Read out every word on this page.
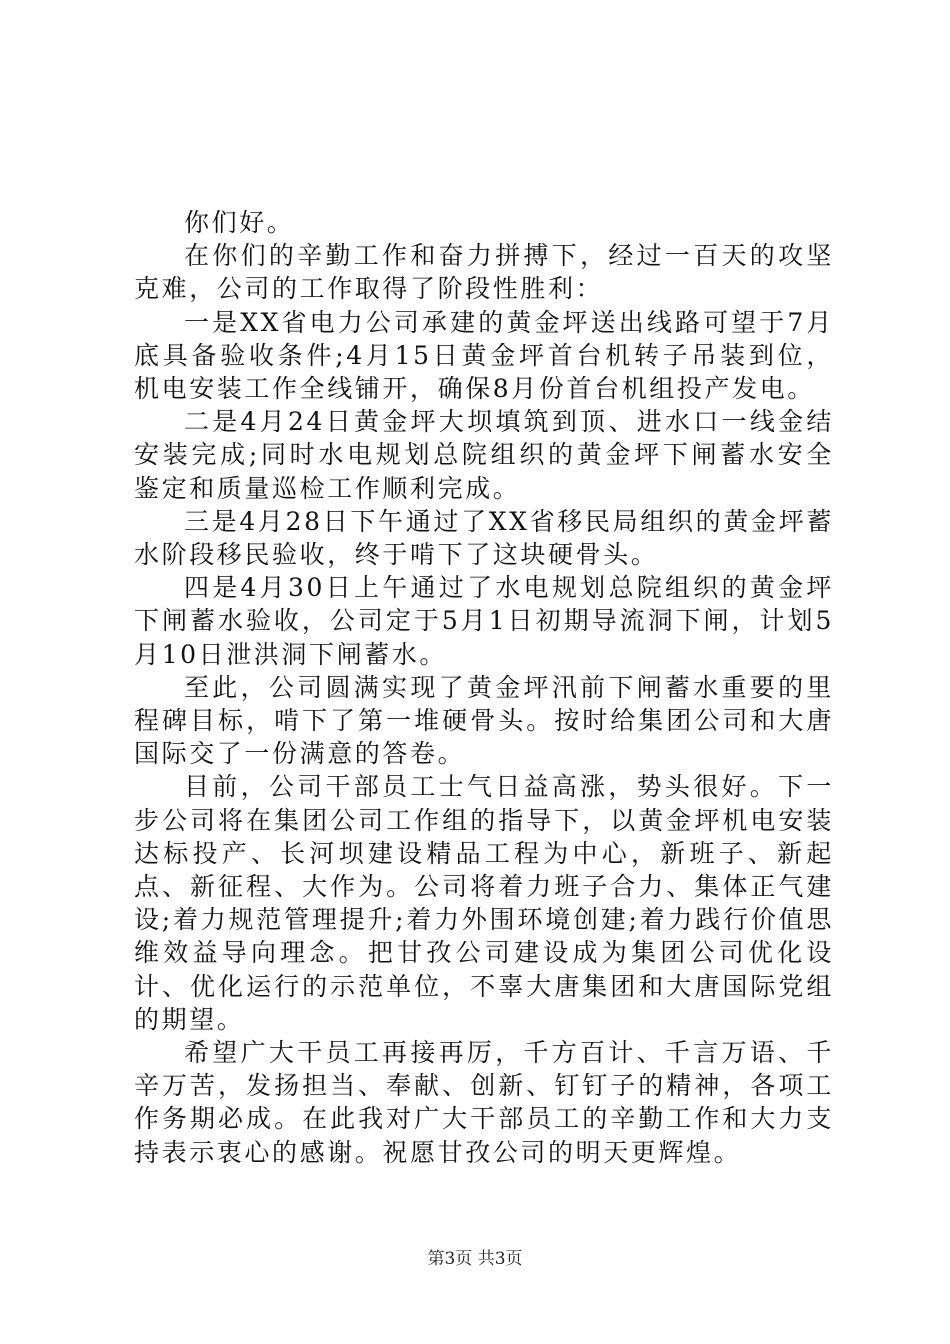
你们好。

在你们的辛勤工作和奋力拼搏下，经过一百天的攻坚克难，公司的工作取得了阶段性胜利：

一是XX省电力公司承建的黄金坪送出线路可望于7月底具备验收条件;4月15日黄金坪首台机转子吊装到位，机电安装工作全线铺开，确保8月份首台机组投产发电。

二是4月24日黄金坪大坝填筑到顶、进水口一线金结安装完成;同时水电规划总院组织的黄金坪下闸蓄水安全鉴定和质量巡检工作顺利完成。

三是4月28日下午通过了XX省移民局组织的黄金坪蓄水阶段移民验收，终于啃下了这块硬骨头。

四是4月30日上午通过了水电规划总院组织的黄金坪下闸蓄水验收，公司定于5月1日初期导流洞下闸，计划5月10日泄洪洞下闸蓄水。

至此，公司圆满实现了黄金坪汛前下闸蓄水重要的里程碑目标，啃下了第一堆硬骨头。按时给集团公司和大唐国际交了一份满意的答卷。

目前，公司干部员工士气日益高涨，势头很好。下一步公司将在集团公司工作组的指导下，以黄金坪机电安装达标投产、长河坝建设精品工程为中心，新班子、新起点、新征程、大作为。公司将着力班子合力、集体正气建设;着力规范管理提升;着力外围环境创建;着力践行价值思维效益导向理念。把甘孜公司建设成为集团公司优化设计、优化运行的示范单位，不辜大唐集团和大唐国际党组的期望。

希望广大干员工再接再厉，千方百计、千言万语、千辛万苦，发扬担当、奉献、创新、钉钉子的精神，各项工作务期必成。在此我对广大干部员工的辛勤工作和大力支持表示衷心的感谢。祝愿甘孜公司的明天更辉煌。

第3页 共3页
